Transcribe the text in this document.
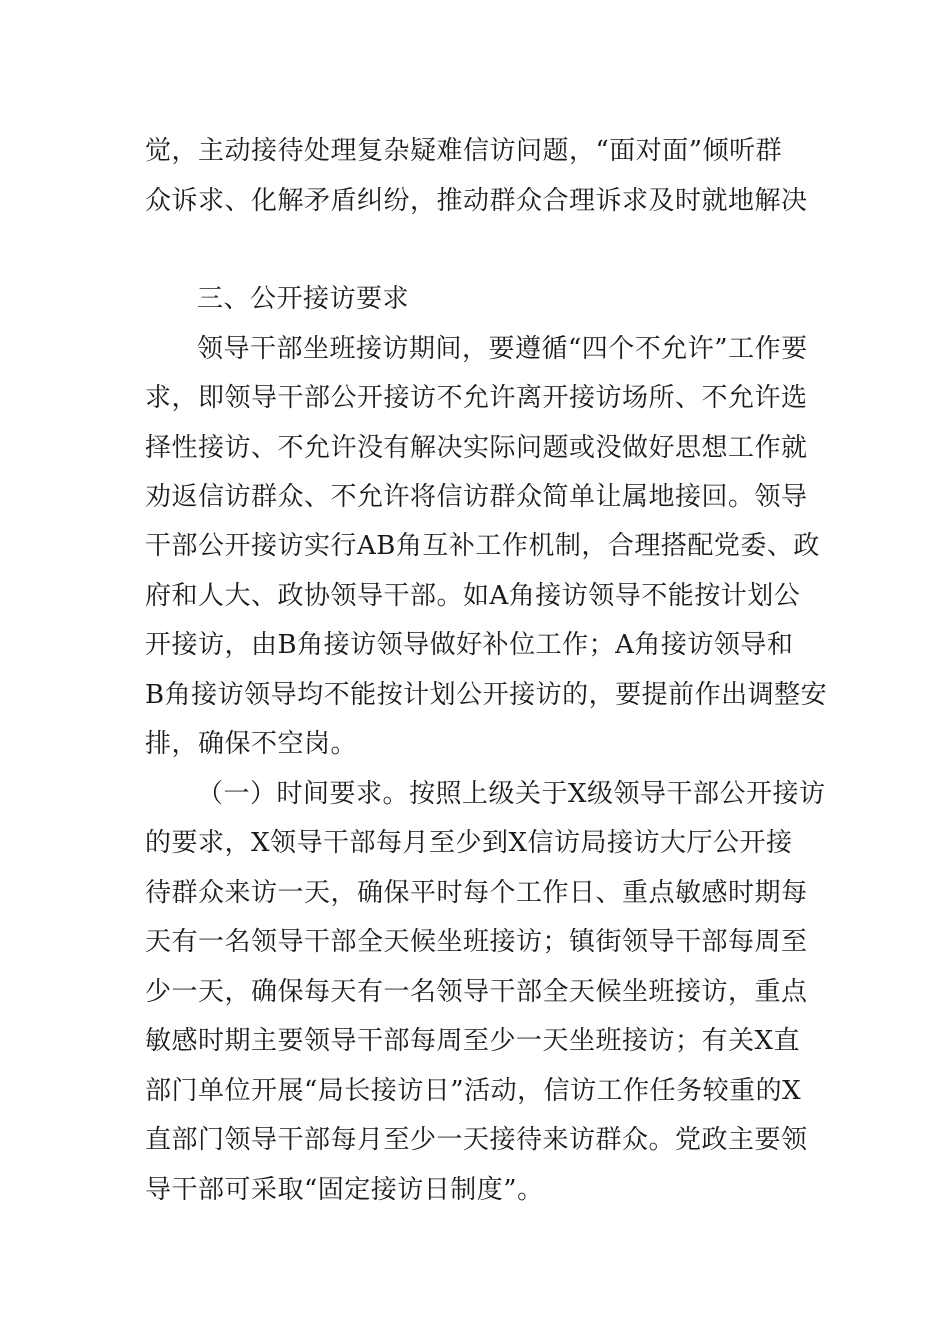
觉，主动接待处理复杂疑难信访问题，“面对面”倾听群
众诉求、化解矛盾纠纷，推动群众合理诉求及时就地解决
三、公开接访要求
领导干部坐班接访期间，要遵循“四个不允许”工作要
求，即领导干部公开接访不允许离开接访场所、不允许选
择性接访、不允许没有解决实际问题或没做好思想工作就
劝返信访群众、不允许将信访群众简单让属地接回。领导
干部公开接访实行AB角互补工作机制，合理搭配党委、政
府和人大、政协领导干部。如A角接访领导不能按计划公
开接访，由B角接访领导做好补位工作；A角接访领导和
B角接访领导均不能按计划公开接访的，要提前作出调整安
排，确保不空岗。
（一）时间要求。按照上级关于X级领导干部公开接访
的要求，X领导干部每月至少到X信访局接访大厅公开接
待群众来访一天，确保平时每个工作日、重点敏感时期每
天有一名领导干部全天候坐班接访；镇街领导干部每周至
少一天，确保每天有一名领导干部全天候坐班接访，重点
敏感时期主要领导干部每周至少一天坐班接访；有关X直
部门单位开展“局长接访日”活动，信访工作任务较重的X
直部门领导干部每月至少一天接待来访群众。党政主要领
导干部可采取“固定接访日制度”。
